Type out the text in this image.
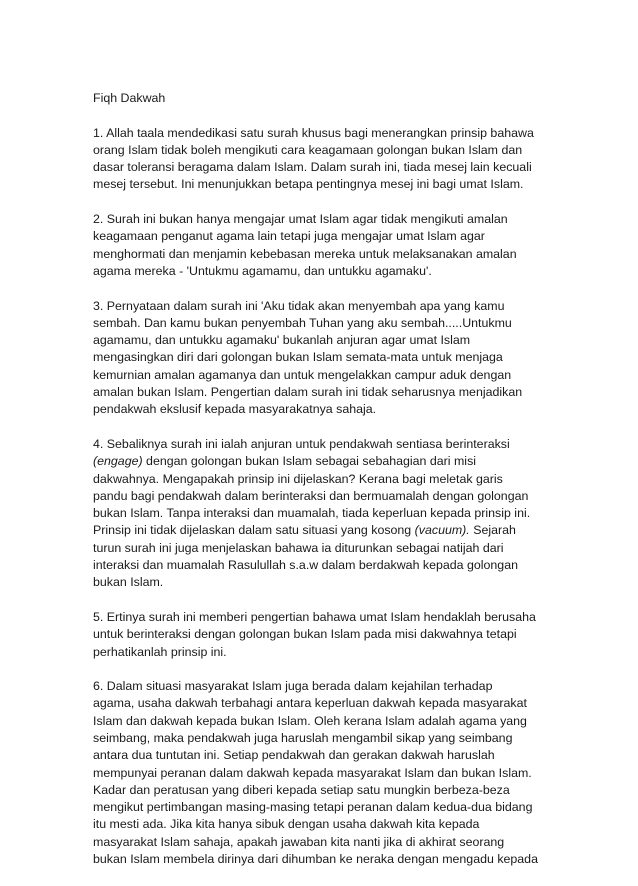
Fiqh Dakwah
1. Allah taala mendedikasi satu surah khusus bagi menerangkan prinsip bahawa
orang Islam tidak boleh mengikuti cara keagamaan golongan bukan Islam dan
dasar toleransi beragama dalam Islam. Dalam surah ini, tiada mesej lain kecuali
mesej tersebut. Ini menunjukkan betapa pentingnya mesej ini bagi umat Islam.
2. Surah ini bukan hanya mengajar umat Islam agar tidak mengikuti amalan
keagamaan penganut agama lain tetapi juga mengajar umat Islam agar
menghormati dan menjamin kebebasan mereka untuk melaksanakan amalan
agama mereka - 'Untukmu agamamu, dan untukku agamaku'.
3. Pernyataan dalam surah ini 'Aku tidak akan menyembah apa yang kamu
sembah. Dan kamu bukan penyembah Tuhan yang aku sembah.....Untukmu
agamamu, dan untukku agamaku' bukanlah anjuran agar umat Islam
mengasingkan diri dari golongan bukan Islam semata-mata untuk menjaga
kemurnian amalan agamanya dan untuk mengelakkan campur aduk dengan
amalan bukan Islam. Pengertian dalam surah ini tidak seharusnya menjadikan
pendakwah ekslusif kepada masyarakatnya sahaja.
4. Sebaliknya surah ini ialah anjuran untuk pendakwah sentiasa berinteraksi
(engage) dengan golongan bukan Islam sebagai sebahagian dari misi
dakwahnya. Mengapakah prinsip ini dijelaskan? Kerana bagi meletak garis
pandu bagi pendakwah dalam berinteraksi dan bermuamalah dengan golongan
bukan Islam. Tanpa interaksi dan muamalah, tiada keperluan kepada prinsip ini.
Prinsip ini tidak dijelaskan dalam satu situasi yang kosong (vacuum). Sejarah
turun surah ini juga menjelaskan bahawa ia diturunkan sebagai natijah dari
interaksi dan muamalah Rasulullah s.a.w dalam berdakwah kepada golongan
bukan Islam.
5. Ertinya surah ini memberi pengertian bahawa umat Islam hendaklah berusaha
untuk berinteraksi dengan golongan bukan Islam pada misi dakwahnya tetapi
perhatikanlah prinsip ini.
6. Dalam situasi masyarakat Islam juga berada dalam kejahilan terhadap
agama, usaha dakwah terbahagi antara keperluan dakwah kepada masyarakat
Islam dan dakwah kepada bukan Islam. Oleh kerana Islam adalah agama yang
seimbang, maka pendakwah juga haruslah mengambil sikap yang seimbang
antara dua tuntutan ini. Setiap pendakwah dan gerakan dakwah haruslah
mempunyai peranan dalam dakwah kepada masyarakat Islam dan bukan Islam.
Kadar dan peratusan yang diberi kepada setiap satu mungkin berbeza-beza
mengikut pertimbangan masing-masing tetapi peranan dalam kedua-dua bidang
itu mesti ada. Jika kita hanya sibuk dengan usaha dakwah kita kepada
masyarakat Islam sahaja, apakah jawaban kita nanti jika di akhirat seorang
bukan Islam membela dirinya dari dihumban ke neraka dengan mengadu kepada
